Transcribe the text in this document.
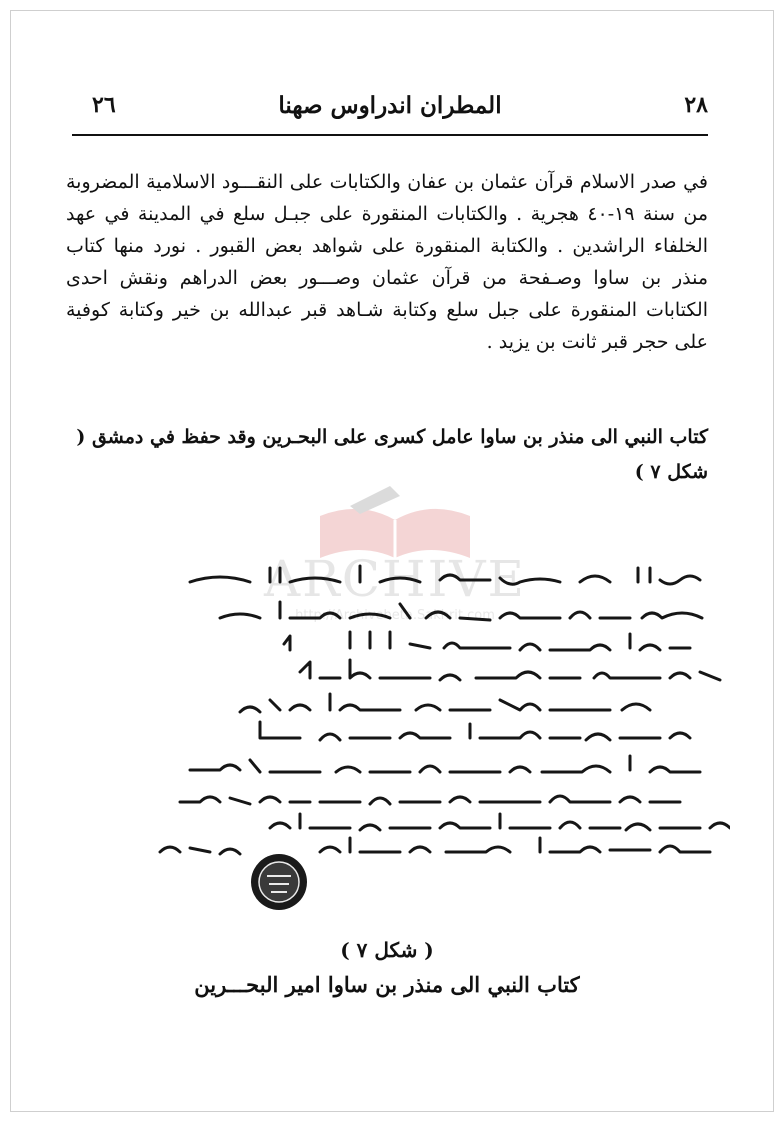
٢٦	المطران اندراوس صهنا	٢٨
في صدر الاسلام قرآن عثمان بن عفان والكتابات على النقـــود الاسلامية المضروبة من سنة ١٩-٤٠ هجرية . والكتابات المنقورة على جبـل سلع في المدينة في عهد الخلفاء الراشدين . والكتابة المنقورة على شواهد بعض القبور . نورد منها كتاب منذر بن ساوا وصـفحة من قرآن عثمان وصـــور بعض الدراهم ونقش احدى الكتابات المنقورة على جبل سلع وكتابة شـاهد قبر عبدالله بن خير وكتابة كوفية على حجر قبر ثانت بن يزيد .
كتاب النبي الى منذر بن ساوا عامل كسرى على البحـرين وقد حفظ في دمشق ( شكل ٧ )
ARCHIVE
http://Archivebeta.Sakhrit.com
( شكل ٧ )
كتاب النبي الى منذر بن ساوا امير البحـــرين
